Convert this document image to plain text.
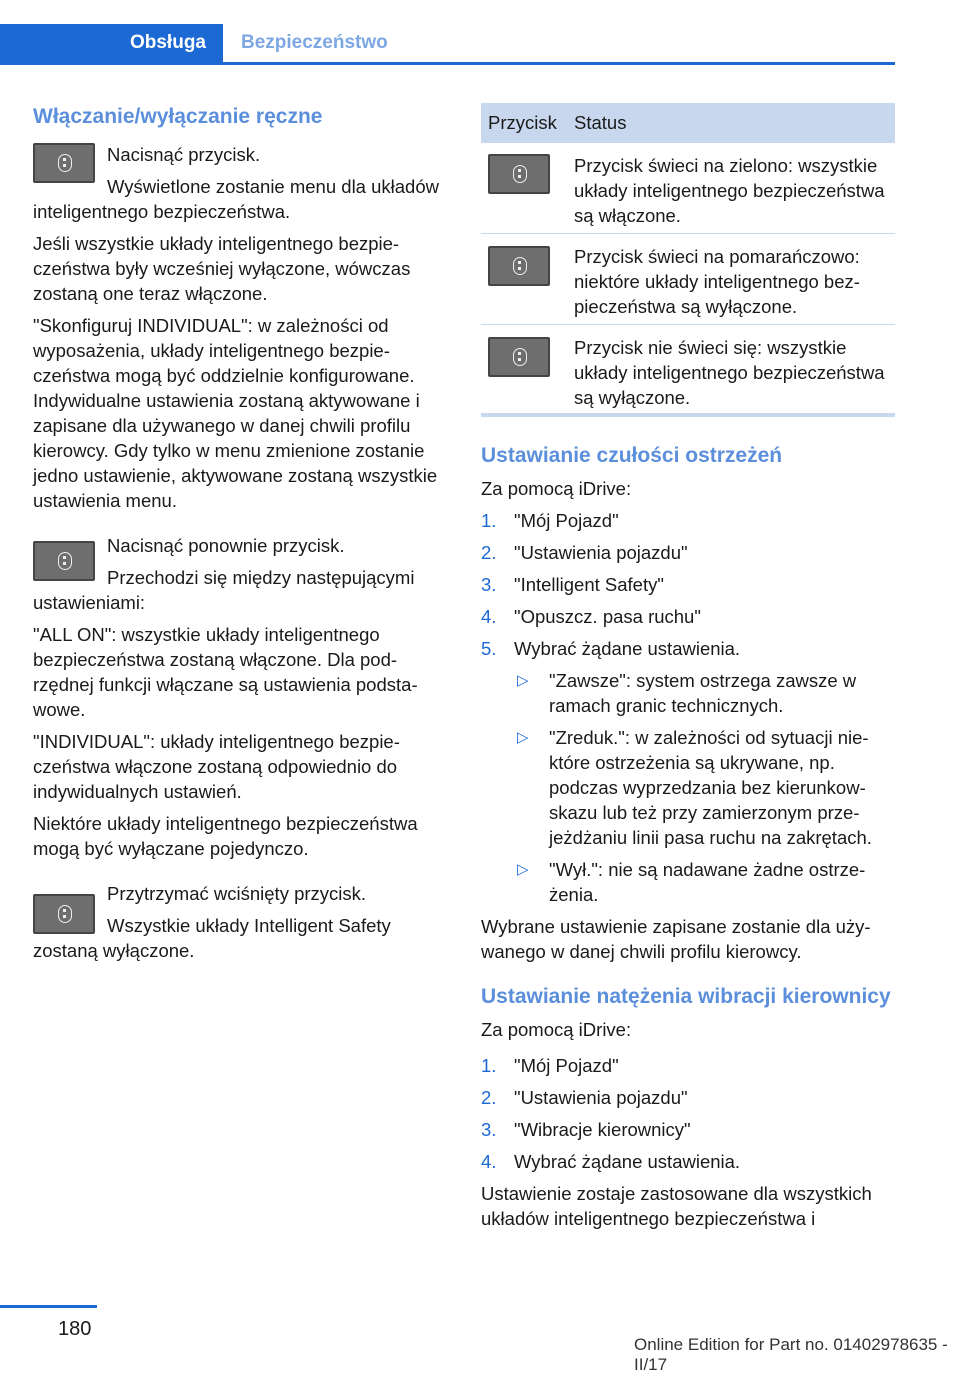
Obsługa	Bezpieczeństwo

Włączanie/wyłączanie ręczne

Nacisnąć przycisk.

Wyświetlone zostanie menu dla układów inteligentnego bezpieczeństwa.

Jeśli wszystkie układy inteligentnego bezpieczeństwa były wcześniej wyłączone, wówczas zostaną one teraz włączone.

"Skonfiguruj INDIVIDUAL": w zależności od wyposażenia, układy inteligentnego bezpieczeństwa mogą być oddzielnie konfigurowane. Indywidualne ustawienia zostaną aktywowane i zapisane dla używanego w danej chwili profilu kierowcy. Gdy tylko w menu zmienione zostanie jedno ustawienie, aktywowane zostaną wszystkie ustawienia menu.

Nacisnąć ponownie przycisk.

Przechodzi się między następującymi ustawieniami:

"ALL ON": wszystkie układy inteligentnego bezpieczeństwa zostaną włączone. Dla podrzędnej funkcji włączane są ustawienia podstawowe.

"INDIVIDUAL": układy inteligentnego bezpieczeństwa włączone zostaną odpowiednio do indywidualnych ustawień.

Niektóre układy inteligentnego bezpieczeństwa mogą być wyłączane pojedynczo.

Przytrzymać wciśnięty przycisk.

Wszystkie układy Intelligent Safety zostaną wyłączone.

Przycisk Status
Przycisk świeci na zielono: wszystkie układy inteligentnego bezpieczeństwa są włączone.
Przycisk świeci na pomarańczowo: niektóre układy inteligentnego bezpieczeństwa są wyłączone.
Przycisk nie świeci się: wszystkie układy inteligentnego bezpieczeństwa są wyłączone.

Ustawianie czułości ostrzeżeń

Za pomocą iDrive:

1. "Mój Pojazd"
2. "Ustawienia pojazdu"
3. "Intelligent Safety"
4. "Opuszcz. pasa ruchu"
5. Wybrać żądane ustawienia.
▷ "Zawsze": system ostrzega zawsze w ramach granic technicznych.
▷ "Zreduk.": w zależności od sytuacji niektóre ostrzeżenia są ukrywane, np. podczas wyprzedzania bez kierunkowskazu lub też przy zamierzonym przejeżdżaniu linii pasa ruchu na zakrętach.
▷ "Wył.": nie są nadawane żadne ostrzeżenia.

Wybrane ustawienie zapisane zostanie dla używanego w danej chwili profilu kierowcy.

Ustawianie natężenia wibracji kierownicy

Za pomocą iDrive:

1. "Mój Pojazd"
2. "Ustawienia pojazdu"
3. "Wibracje kierownicy"
4. Wybrać żądane ustawienia.

Ustawienie zostaje zastosowane dla wszystkich układów inteligentnego bezpieczeństwa i

180
Online Edition for Part no. 01402978635 - II/17
